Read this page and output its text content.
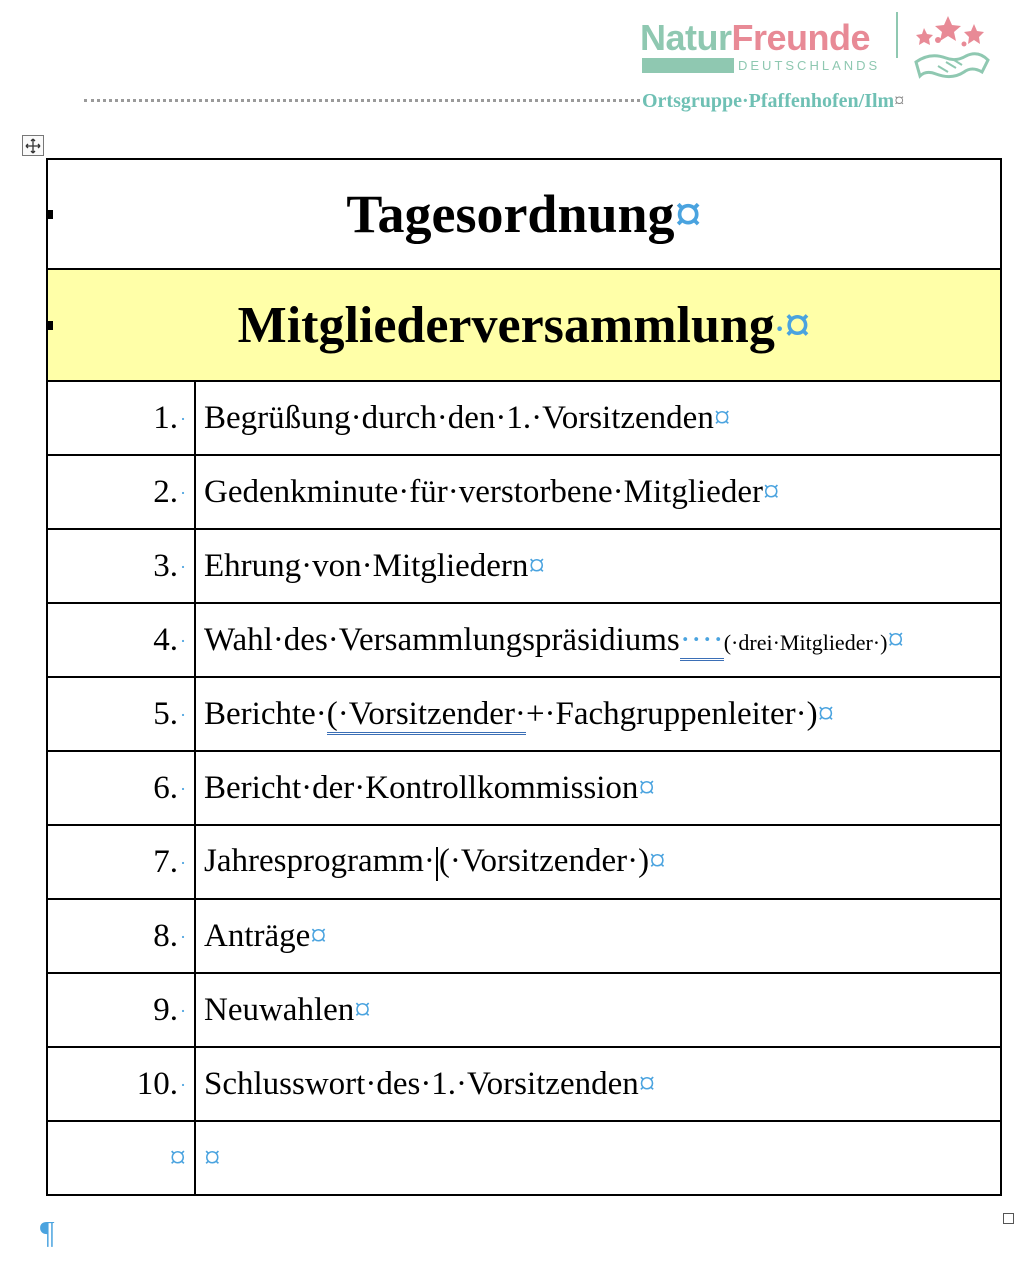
NaturFreunde
DEUTSCHLANDS
Ortsgruppe·Pfaffenhofen/Ilm¤
Tagesordnung¤	

Mitgliederversammlung·¤	
1. ·	Begrüßung·durch·den·1.·Vorsitzenden¤
2. ·	Gedenkminute·für·verstorbene·Mitglieder¤
3. ·	Ehrung·von·Mitgliedern¤
4. ·	Wahl·des·Versammlungspräsidiums····(·drei·Mitglieder·)¤
5. ·	Berichte·(·Vorsitzender·+·Fachgruppenleiter·)¤
6. ·	Bericht·der·Kontrollkommission¤
7. ·	Jahresprogramm· (·Vorsitzender·)¤
8. ·	Anträge¤
9. ·	Neuwahlen¤
10. ·	Schlusswort·des·1.·Vorsitzenden¤
¤	¤
¶
